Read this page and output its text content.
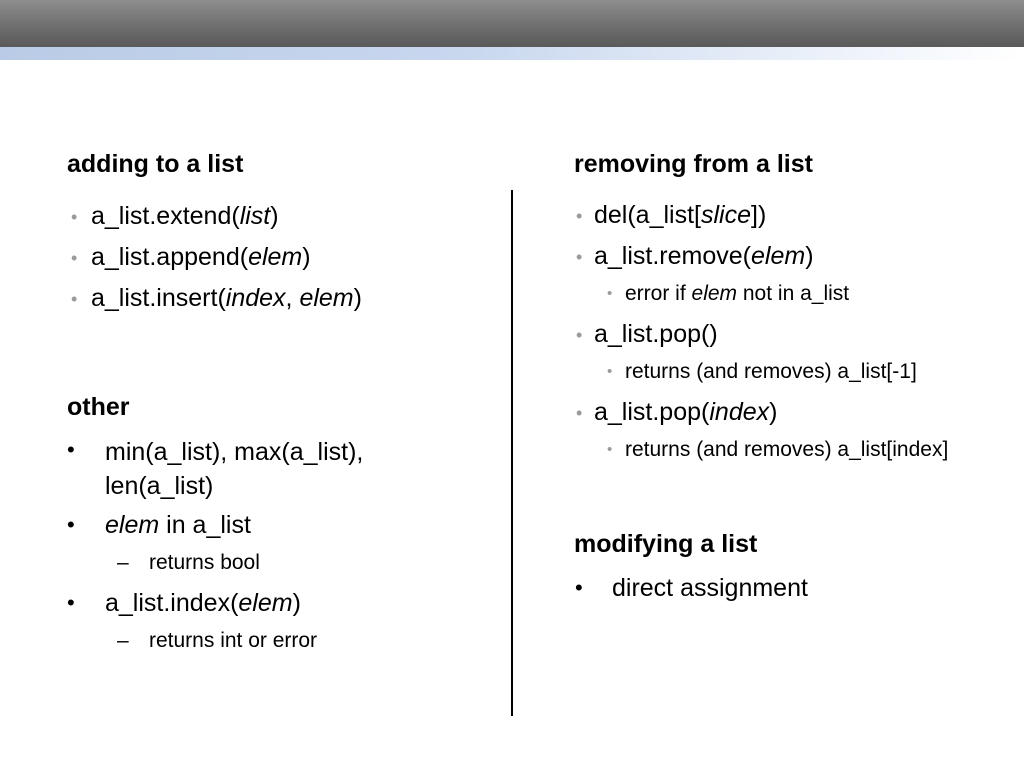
adding to a list
• a_list.extend(list)
• a_list.append(elem)
• a_list.insert(index, elem)
other
• min(a_list), max(a_list), len(a_list)
• elem in a_list
– returns bool
• a_list.index(elem)
– returns int or error
removing from a list
• del(a_list[slice])
• a_list.remove(elem)
• error if elem not in a_list
• a_list.pop()
• returns (and removes) a_list[-1]
• a_list.pop(index)
• returns (and removes) a_list[index]
modifying a list
• direct assignment
